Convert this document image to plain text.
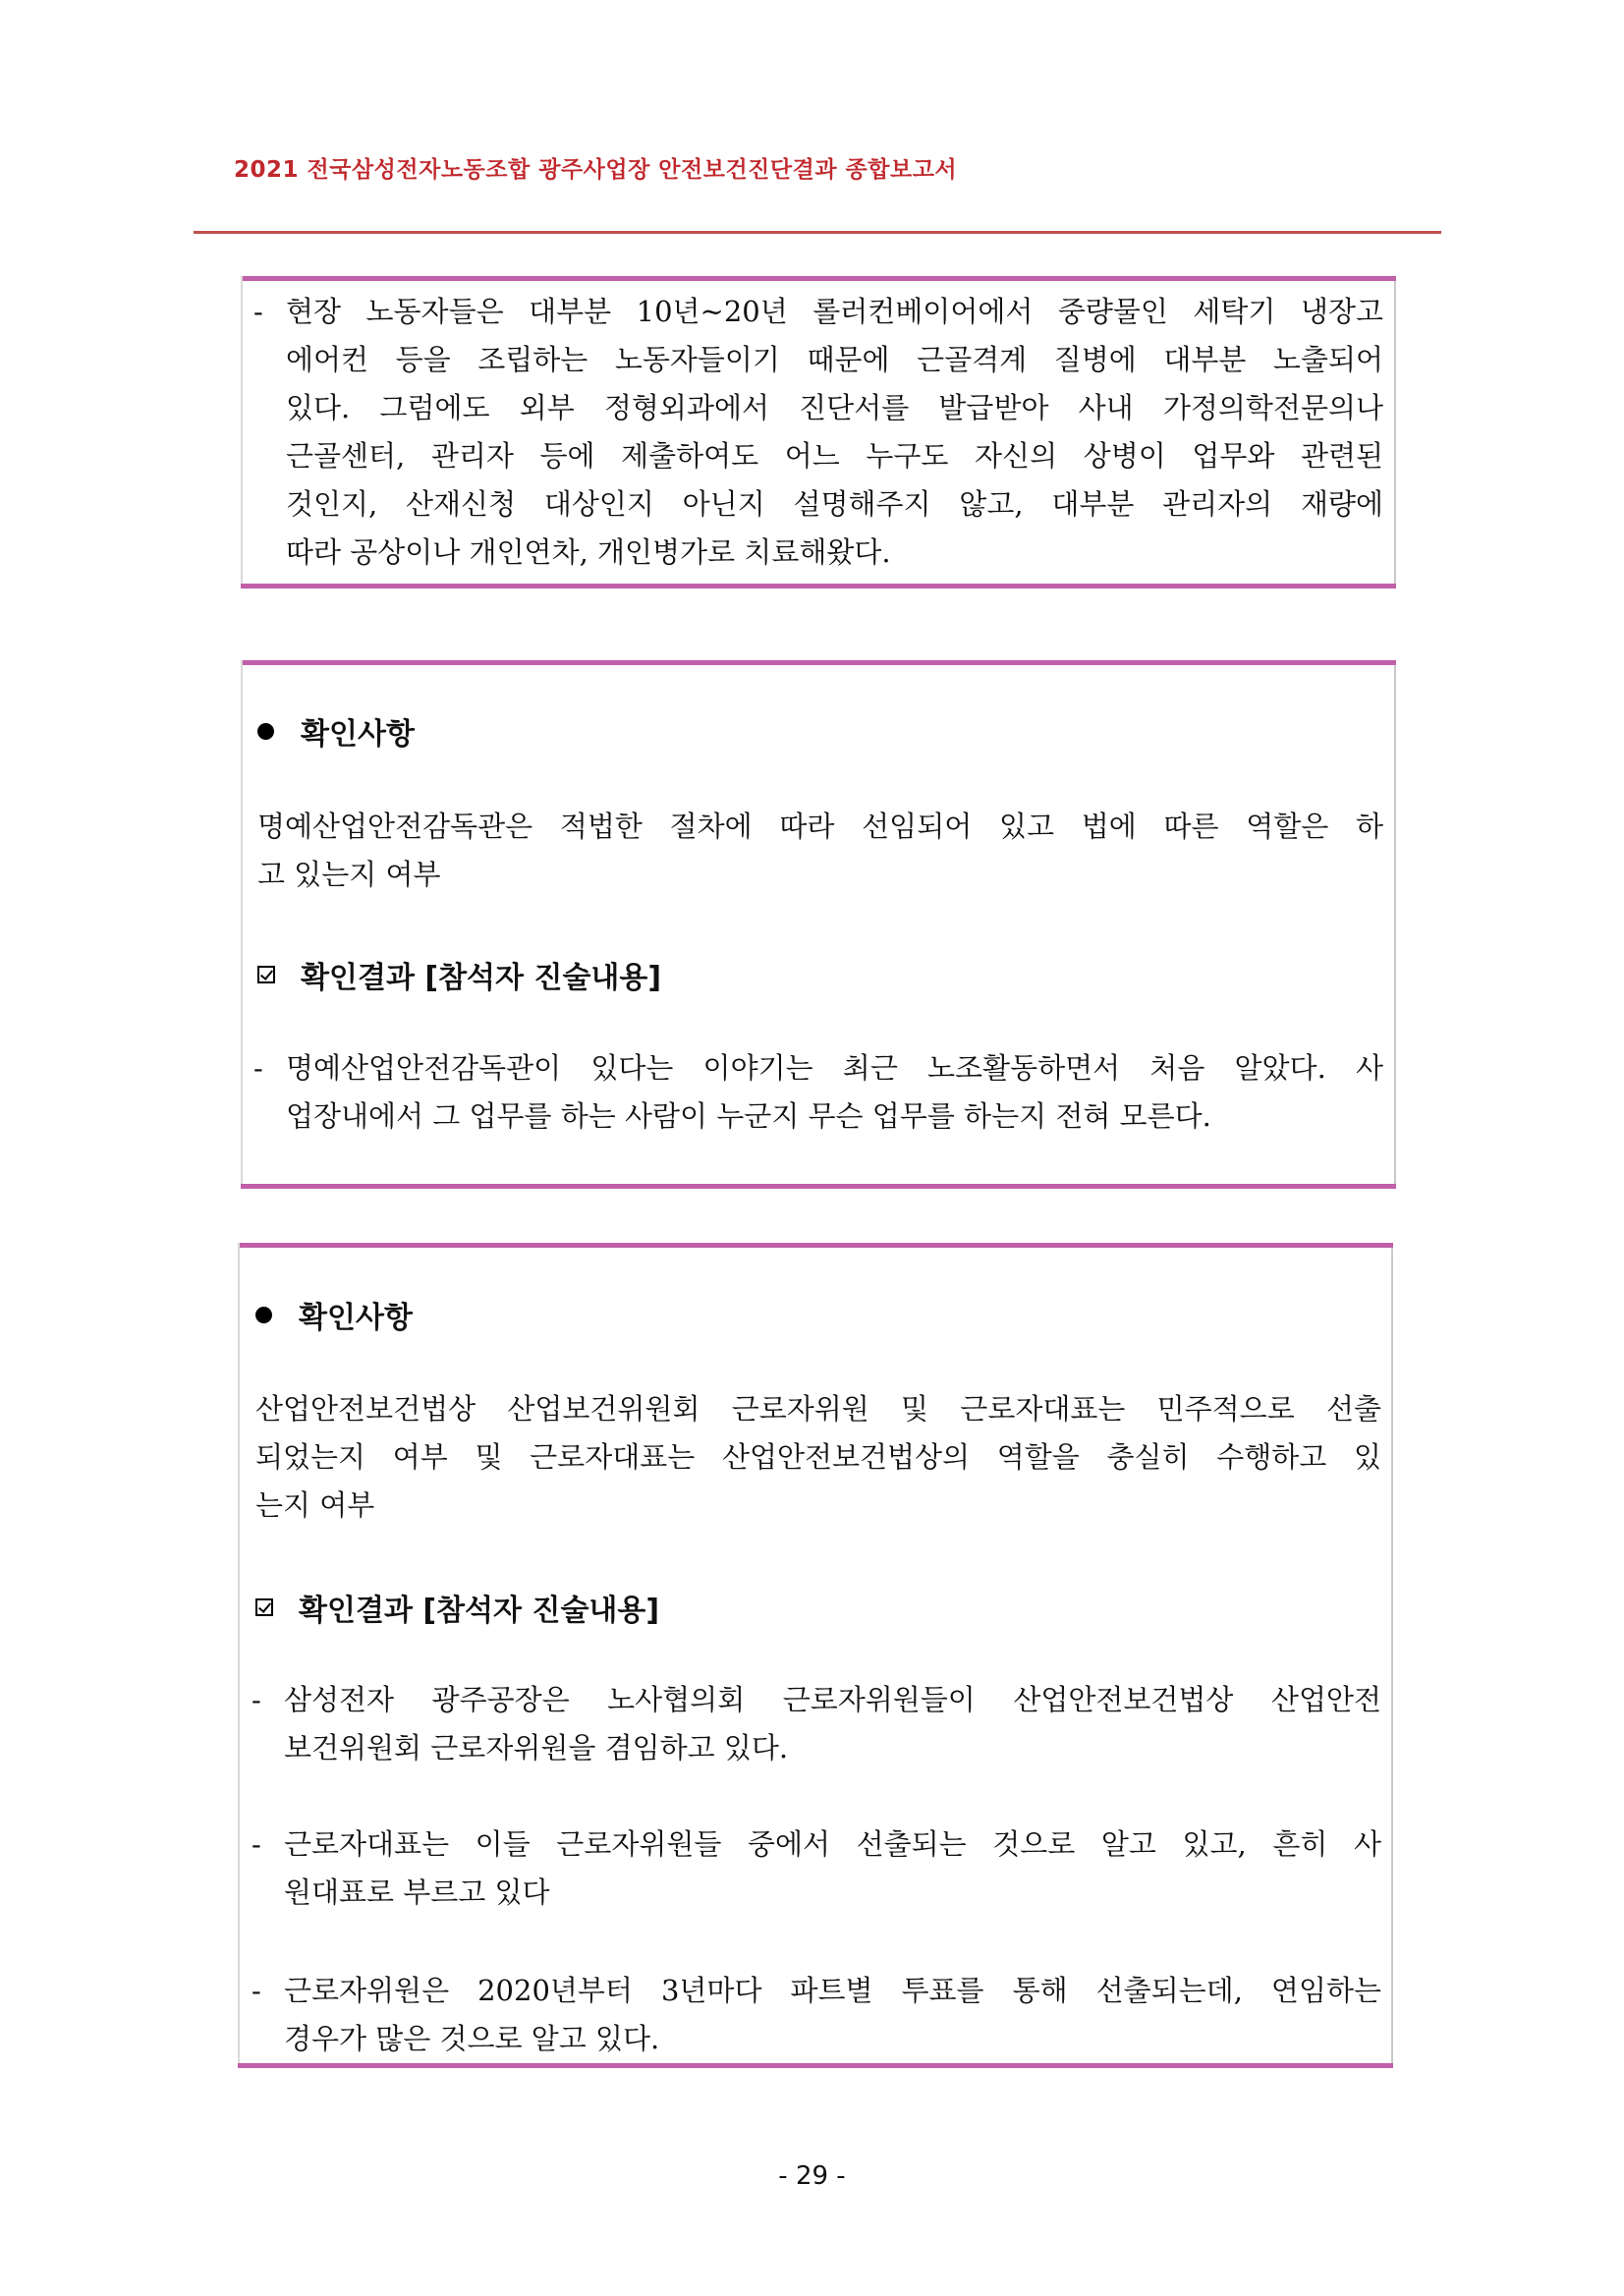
2021 전국삼성전자노동조합 광주사업장 안전보건진단결과 종합보고서
- 현장 노동자들은 대부분 10년~20년 롤러컨베이어에서 중량물인 세탁기 냉장고
에어컨 등을 조립하는 노동자들이기 때문에 근골격계 질병에 대부분 노출되어
있다. 그럼에도 외부 정형외과에서 진단서를 발급받아 사내 가정의학전문의나
근골센터, 관리자 등에 제출하여도 어느 누구도 자신의 상병이 업무와 관련된
것인지, 산재신청 대상인지 아닌지 설명해주지 않고, 대부분 관리자의 재량에
따라 공상이나 개인연차, 개인병가로 치료해왔다.
확인사항
명예산업안전감독관은 적법한 절차에 따라 선임되어 있고 법에 따른 역할은 하
고 있는지 여부
확인결과 [참석자 진술내용]
- 명예산업안전감독관이 있다는 이야기는 최근 노조활동하면서 처음 알았다. 사
업장내에서 그 업무를 하는 사람이 누군지 무슨 업무를 하는지 전혀 모른다.
확인사항
산업안전보건법상 산업보건위원회 근로자위원 및 근로자대표는 민주적으로 선출
되었는지 여부 및 근로자대표는 산업안전보건법상의 역할을 충실히 수행하고 있
는지 여부
확인결과 [참석자 진술내용]
- 삼성전자 광주공장은 노사협의회 근로자위원들이 산업안전보건법상 산업안전
보건위원회 근로자위원을 겸임하고 있다.
- 근로자대표는 이들 근로자위원들 중에서 선출되는 것으로 알고 있고, 흔히 사
원대표로 부르고 있다
- 근로자위원은 2020년부터 3년마다 파트별 투표를 통해 선출되는데, 연임하는
경우가 많은 것으로 알고 있다.
- 29 -
